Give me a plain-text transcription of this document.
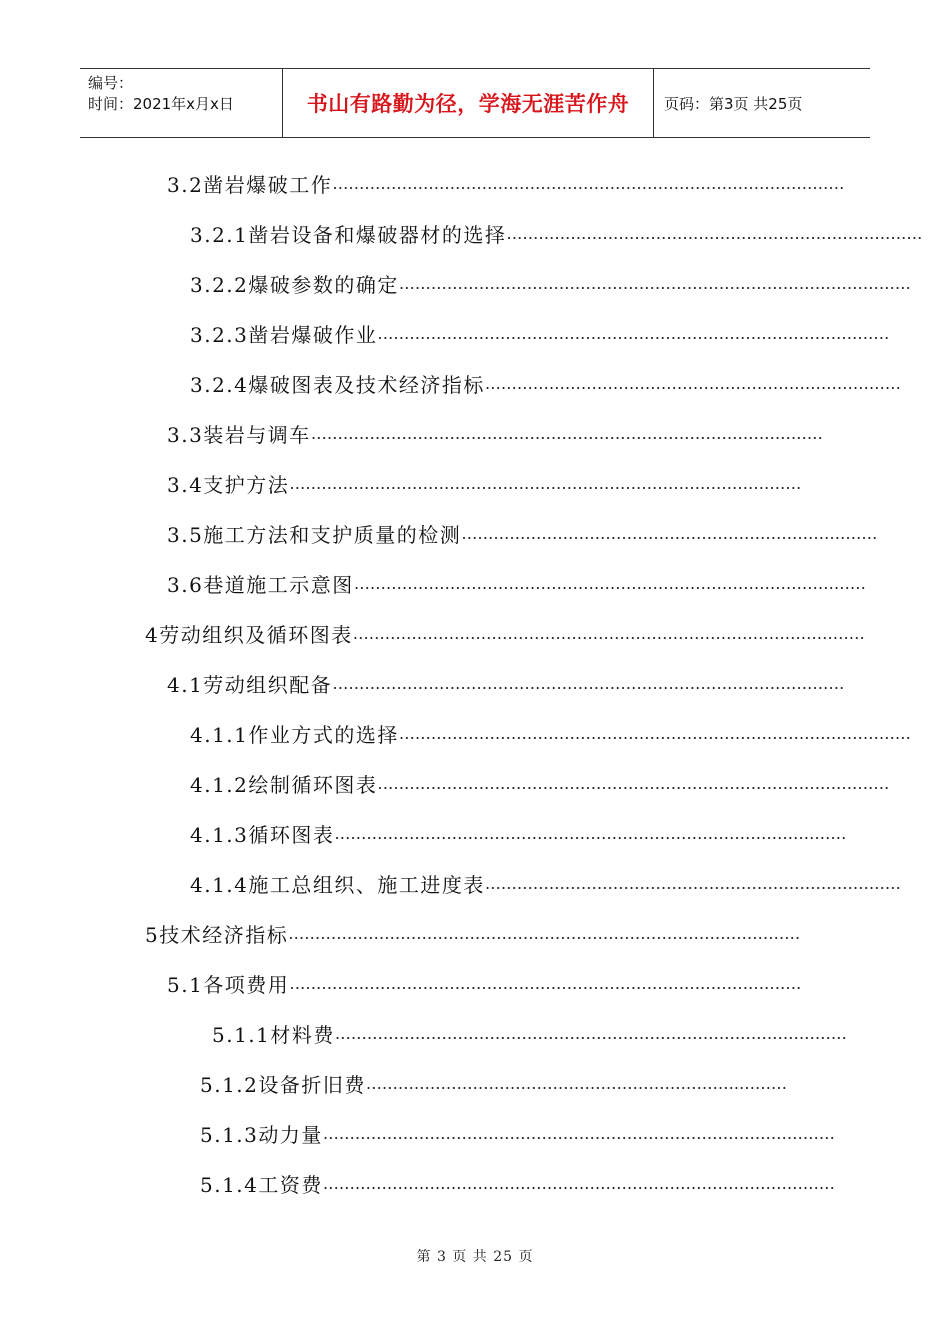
编号：
时间：2021年x月x日	书山有路勤为径，学海无涯苦作舟	页码：第3页 共25页
3.2凿岩爆破工作 ……………………………………………………………………………………
3.2.1凿岩设备和爆破器材的选择 ……………………………………………………………………
3.2.2爆破参数的确定 ……………………………………………………………………………………
3.2.3凿岩爆破作业 ……………………………………………………………………………………
3.2.4爆破图表及技术经济指标 ……………………………………………………………………
3.3装岩与调车 ……………………………………………………………………………………
3.4支护方法 ……………………………………………………………………………………
3.5施工方法和支护质量的检测 ……………………………………………………………………
3.6巷道施工示意图 ……………………………………………………………………………………
4劳动组织及循环图表 ……………………………………………………………………………………
4.1劳动组织配备 ……………………………………………………………………………………
4.1.1作业方式的选择 ……………………………………………………………………………………
4.1.2绘制循环图表 ……………………………………………………………………………………
4.1.3循环图表 ……………………………………………………………………………………
4.1.4施工总组织、施工进度表 ……………………………………………………………………
5技术经济指标 ……………………………………………………………………………………
5.1各项费用 ……………………………………………………………………………………
5.1.1材料费 ……………………………………………………………………………………
5.1.2设备折旧费 …………………………………………………………….………
5.1.3动力量 ……………………………………………………………………………………
5.1.4工资费 ……………………………………………………………………………………
第 3 页 共 25 页
